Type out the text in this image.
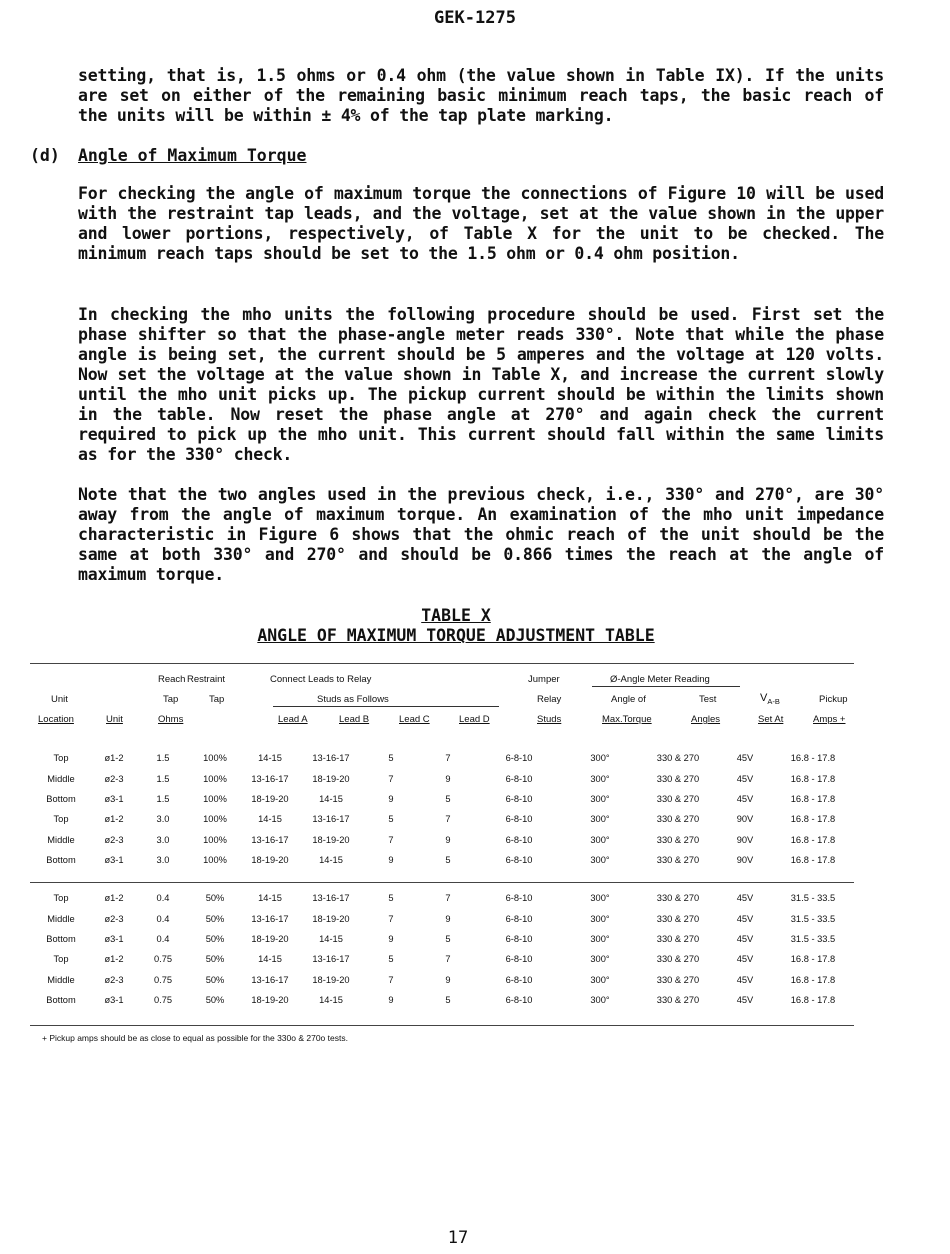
GEK-1275

setting, that is, 1.5 ohms or 0.4 ohm (the value shown in Table IX). If the units are set on either of the remaining basic minimum reach taps, the basic reach of the units will be within ± 4% of the tap plate marking.

(d) Angle of Maximum Torque

For checking the angle of maximum torque the connections of Figure 10 will be used with the restraint tap leads, and the voltage, set at the value shown in the upper and lower portions, respectively, of Table X for the unit to be checked. The minimum reach taps should be set to the 1.5 ohm or 0.4 ohm position.

In checking the mho units the following procedure should be used. First set the phase shifter so that the phase-angle meter reads 330°. Note that while the phase angle is being set, the current should be 5 amperes and the voltage at 120 volts. Now set the voltage at the value shown in Table X, and increase the current slowly until the mho unit picks up. The pickup current should be within the limits shown in the table. Now reset the phase angle at 270° and again check the current required to pick up the mho unit. This current should fall within the same limits as for the 330° check.

Note that the two angles used in the previous check, i.e., 330° and 270°, are 30° away from the angle of maximum torque. An examination of the mho unit impedance characteristic in Figure 6 shows that the ohmic reach of the unit should be the same at both 330° and 270° and should be 0.866 times the reach at the angle of maximum torque.

TABLE X
ANGLE OF MAXIMUM TORQUE ADJUSTMENT TABLE
Reach Restraint	Connect Leads to Relay	Jumper	Ø-Angle Meter Reading
Unit	Tap	Tap	Studs as Follows	Relay	Angle of	Test	$V_{A-B}$	Pickup
Location	Unit	Ohms	Lead A	Lead B	Lead C	Lead D	Studs	Max.Torque	Angles	Set At	Amps +
Top	ø1-2	1.5	100%	14-15	13-16-17	5	7	6-8-10	300°	330 & 270	45V	16.8 - 17.8
Middle	ø2-3	1.5	100%	13-16-17	18-19-20	7	9	6-8-10	300°	330 & 270	45V	16.8 - 17.8
Bottom	ø3-1	1.5	100%	18-19-20	14-15	9	5	6-8-10	300°	330 & 270	45V	16.8 - 17.8
Top	ø1-2	3.0	100%	14-15	13-16-17	5	7	6-8-10	300°	330 & 270	90V	16.8 - 17.8
Middle	ø2-3	3.0	100%	13-16-17	18-19-20	7	9	6-8-10	300°	330 & 270	90V	16.8 - 17.8
Bottom	ø3-1	3.0	100%	18-19-20	14-15	9	5	6-8-10	300°	330 & 270	90V	16.8 - 17.8
Top	ø1-2	0.4	50%	14-15	13-16-17	5	7	6-8-10	300°	330 & 270	45V	31.5 - 33.5
Middle	ø2-3	0.4	50%	13-16-17	18-19-20	7	9	6-8-10	300°	330 & 270	45V	31.5 - 33.5
Bottom	ø3-1	0.4	50%	18-19-20	14-15	9	5	6-8-10	300°	330 & 270	45V	31.5 - 33.5
Top	ø1-2	0.75	50%	14-15	13-16-17	5	7	6-8-10	300°	330 & 270	45V	16.8 - 17.8
Middle	ø2-3	0.75	50%	13-16-17	18-19-20	7	9	6-8-10	300°	330 & 270	45V	16.8 - 17.8
Bottom	ø3-1	0.75	50%	18-19-20	14-15	9	5	6-8-10	300°	330 & 270	45V	16.8 - 17.8
+ Pickup amps should be as close to equal as possible for the 330o & 270o tests.
17
